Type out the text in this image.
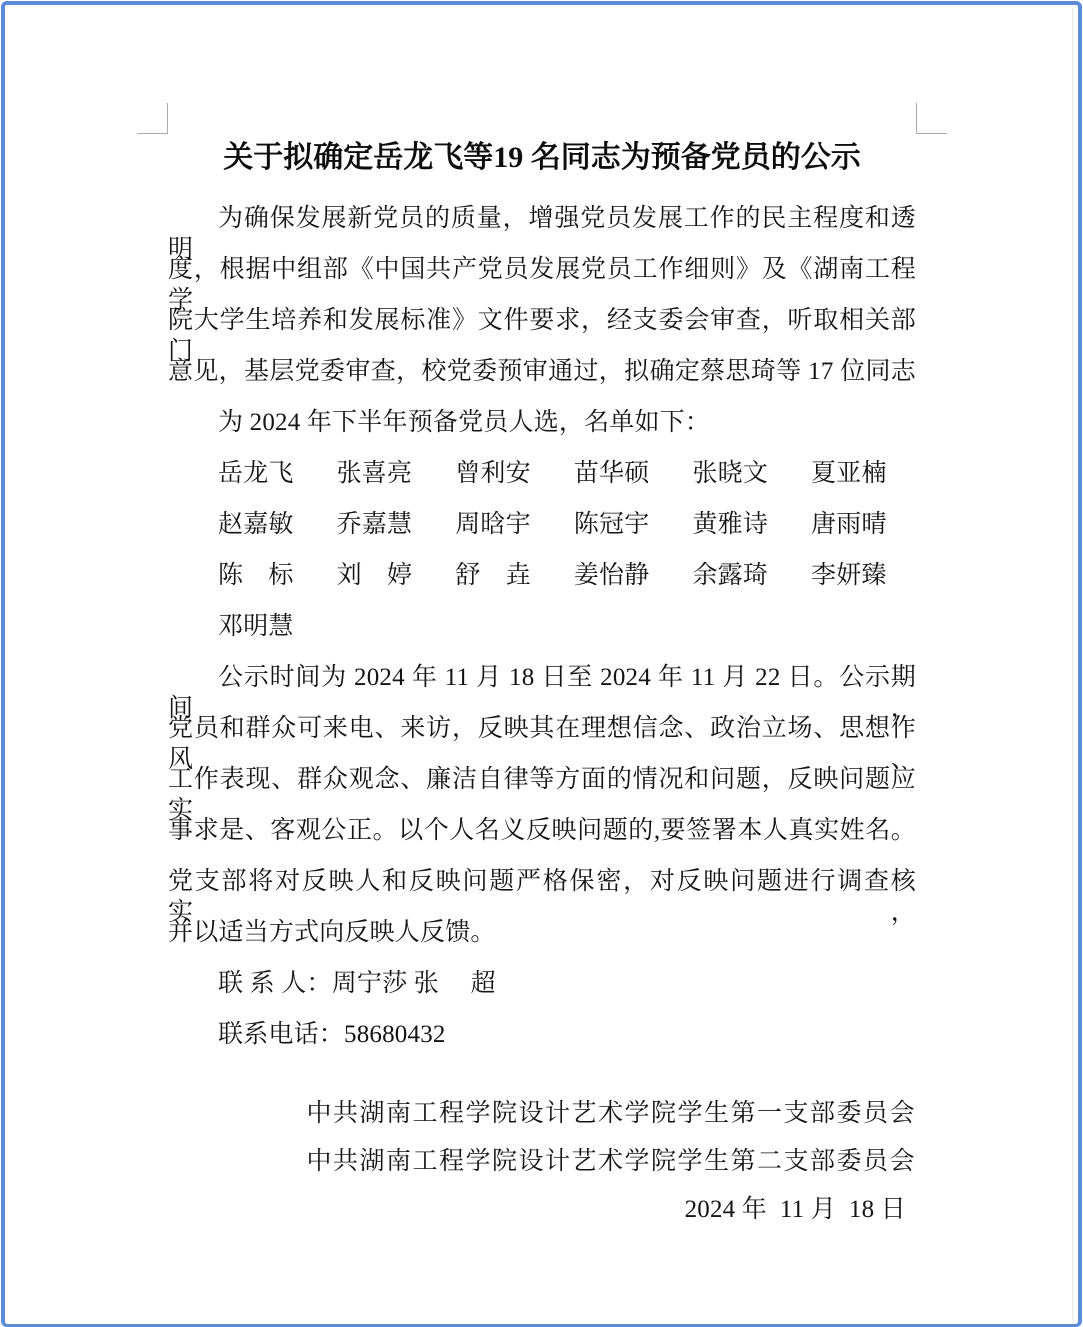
关于拟确定岳龙飞等19 名同志为预备党员的公示
为确保发展新党员的质量，增强党员发展工作的民主程度和透明
度，根据中组部《中国共产党员发展党员工作细则》及《湖南工程学
院大学生培养和发展标准》文件要求，经支委会审查，听取相关部门
意见，基层党委审查，校党委预审通过，拟确定蔡思琦等 17 位同志
为 2024 年下半年预备党员人选，名单如下：
岳龙飞 张喜亮 曾利安 苗华硕 张晓文 夏亚楠
赵嘉敏 乔嘉慧 周晗宇 陈冠宇 黄雅诗 唐雨晴
陈　标 刘　婷 舒　垚 姜怡静 余露琦 李妍臻
邓明慧
公示时间为 2024 年 11 月 18 日至 2024 年 11 月 22 日。公示期间，
党员和群众可来电、来访，反映其在理想信念、政治立场、思想作风、
工作表现、群众观念、廉洁自律等方面的情况和问题，反映问题应实
事求是、客观公正。以个人名义反映问题的,要签署本人真实姓名。
党支部将对反映人和反映问题严格保密，对反映问题进行调查核实，
并以适当方式向反映人反馈。
联 系 人：周宁莎 张　 超
联系电话：58680432
中共湖南工程学院设计艺术学院学生第一支部委员会
中共湖南工程学院设计艺术学院学生第二支部委员会
2024 年  11 月  18 日
